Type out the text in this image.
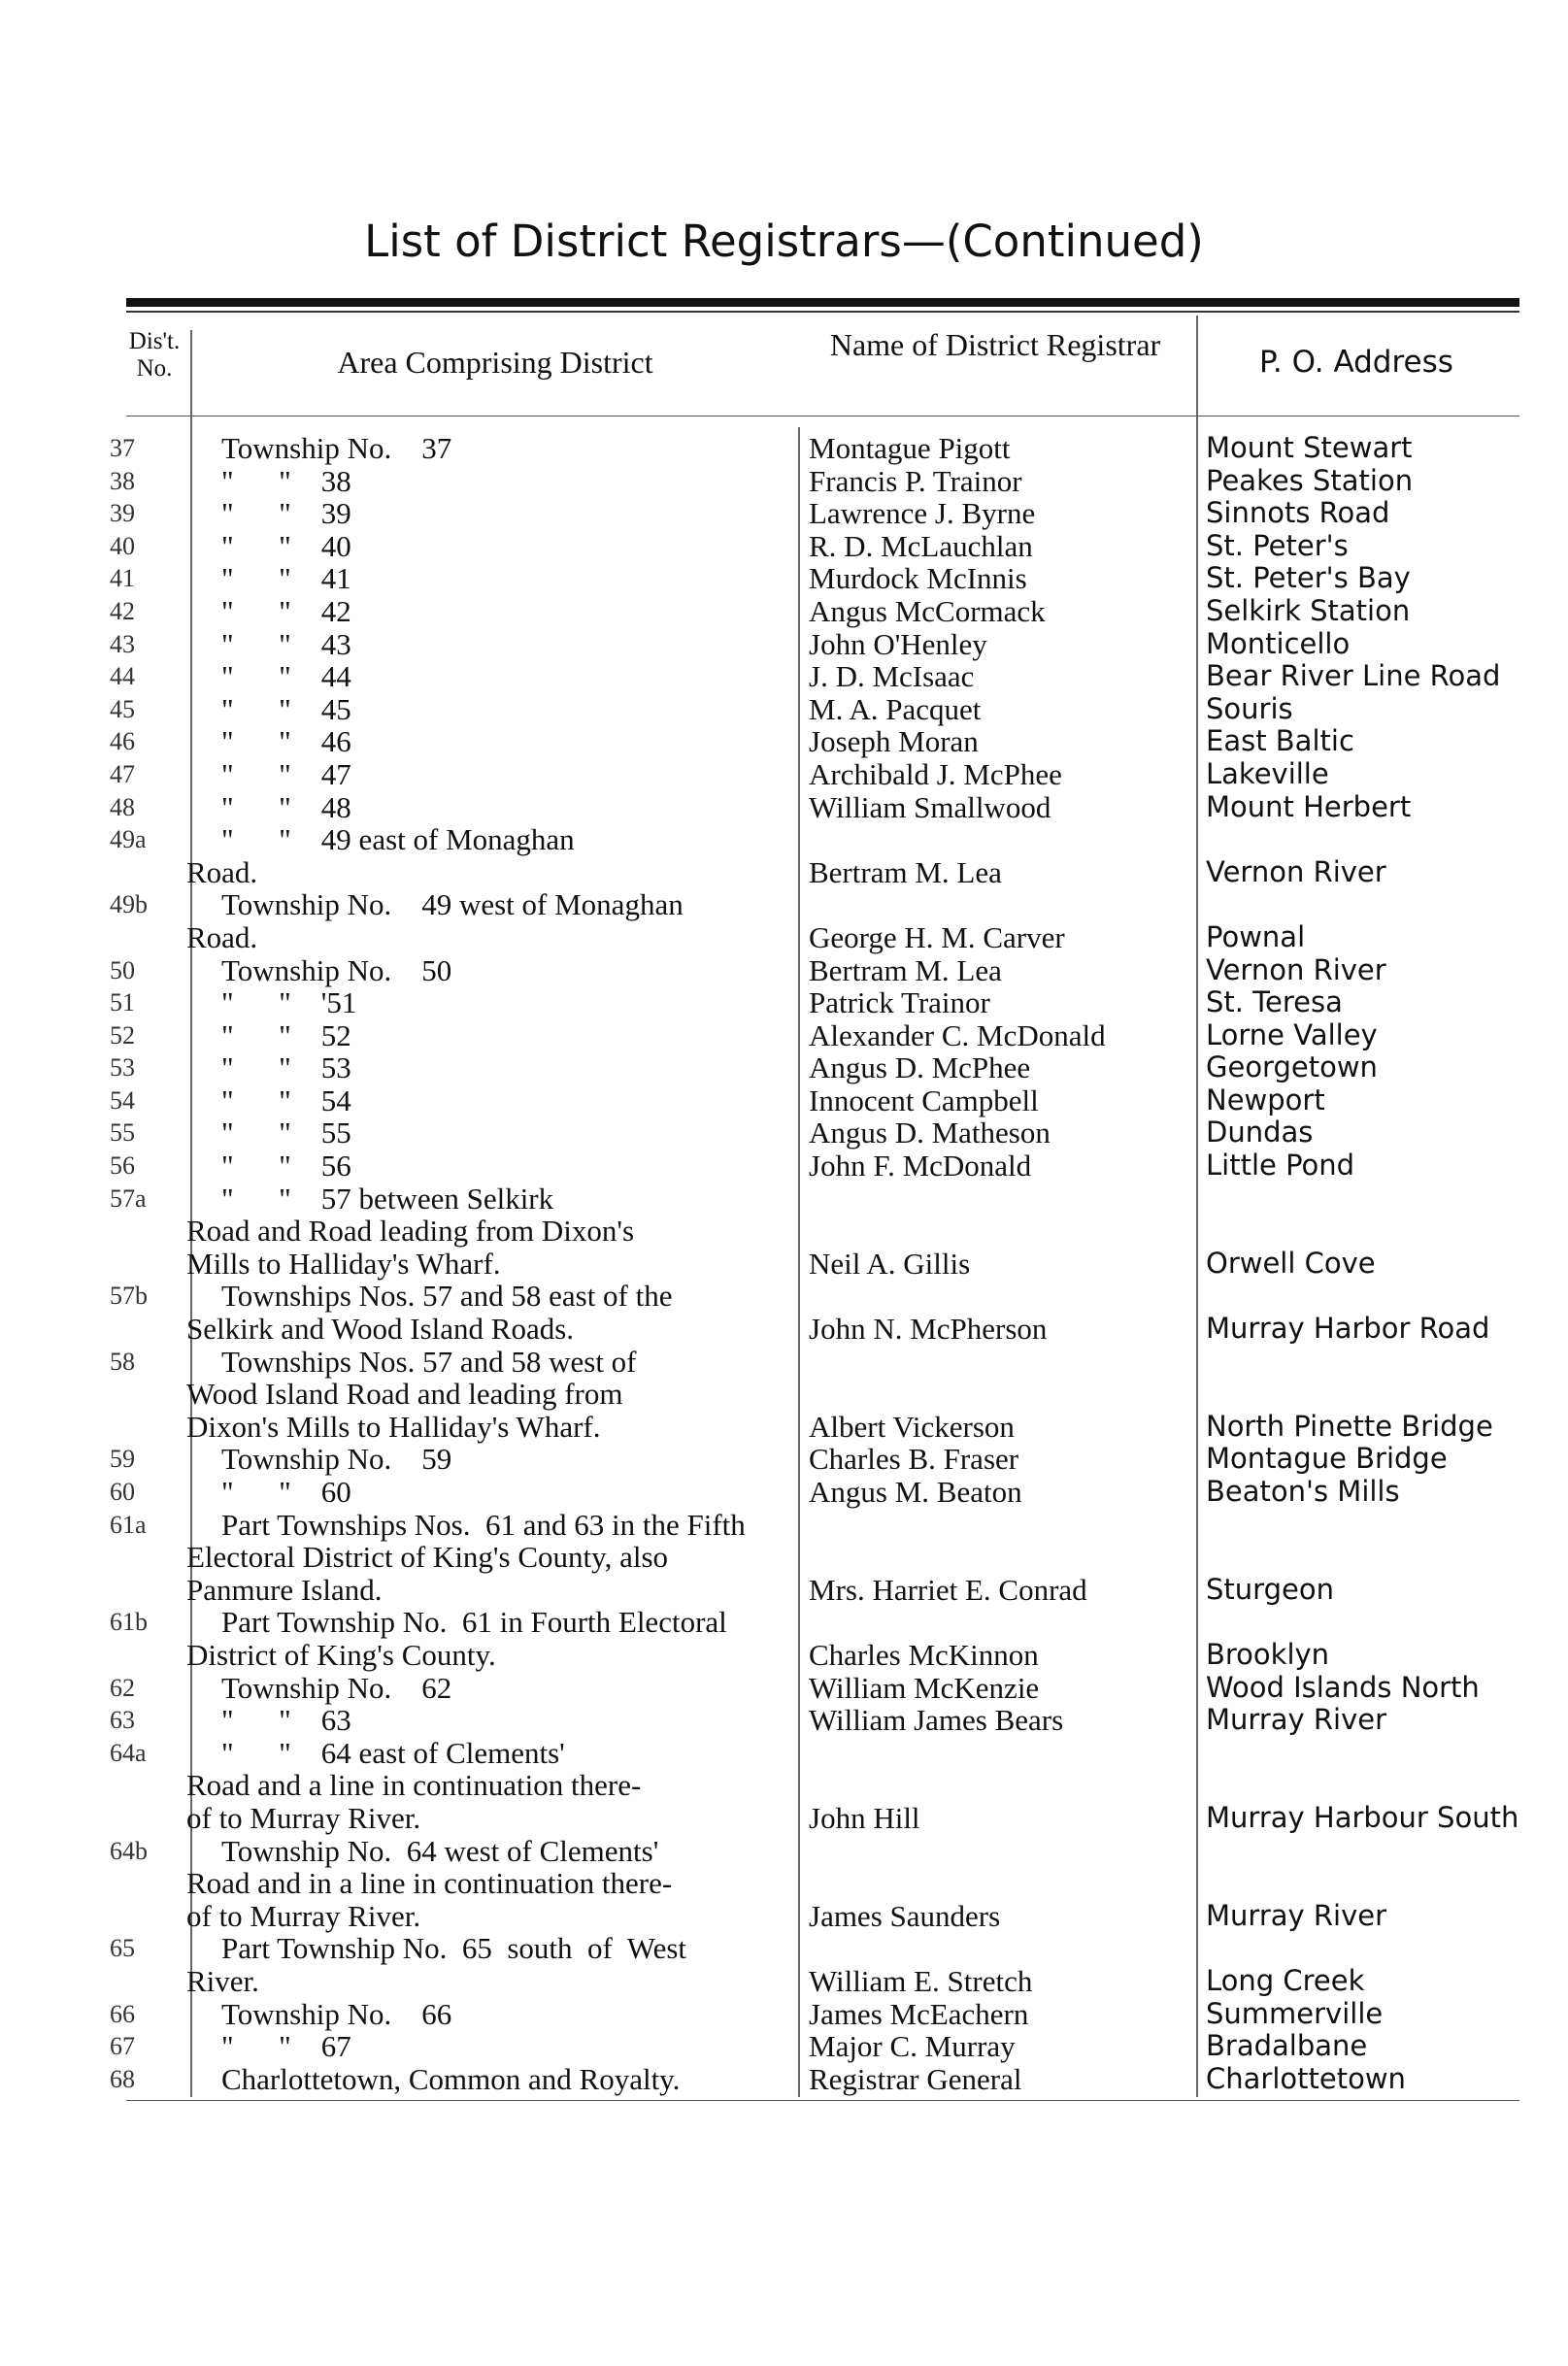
List of District Registrars—(Continued)
Dis't. No.	Area Comprising District	Name of District Registrar	P. O. Address
37	Township No.    37	Montague Pigott	Mount Stewart
38	"      "    38	Francis P. Trainor	Peakes Station
39	"      "    39	Lawrence J. Byrne	Sinnots Road
40	"      "    40	R. D. McLauchlan	St. Peter's
41	"      "    41	Murdock McInnis	St. Peter's Bay
42	"      "    42	Angus McCormack	Selkirk Station
43	"      "    43	John O'Henley	Monticello
44	"      "    44	J. D. McIsaac	Bear River Line Road
45	"      "    45	M. A. Pacquet	Souris
46	"      "    46	Joseph Moran	East Baltic
47	"      "    47	Archibald J. McPhee	Lakeville
48	"      "    48	William Smallwood	Mount Herbert
49a	"      "    49 east of Monaghan
Road.	Bertram M. Lea	Vernon River
49b	Township No.    49 west of Monaghan
Road.	George H. M. Carver	Pownal
50	Township No.    50	Bertram M. Lea	Vernon River
51	"      "    '51	Patrick Trainor	St. Teresa
52	"      "    52	Alexander C. McDonald	Lorne Valley
53	"      "    53	Angus D. McPhee	Georgetown
54	"      "    54	Innocent Campbell	Newport
55	"      "    55	Angus D. Matheson	Dundas
56	"      "    56	John F. McDonald	Little Pond
57a	"      "    57 between Selkirk
Road and Road leading from Dixon's
Mills to Halliday's Wharf.	Neil A. Gillis	Orwell Cove
57b	Townships Nos. 57 and 58 east of the
Selkirk and Wood Island Roads.	John N. McPherson	Murray Harbor Road
58	Townships Nos. 57 and 58 west of
Wood Island Road and leading from
Dixon's Mills to Halliday's Wharf.	Albert Vickerson	North Pinette Bridge
59	Township No.    59	Charles B. Fraser	Montague Bridge
60	"      "    60	Angus M. Beaton	Beaton's Mills
61a	Part Townships Nos.  61 and 63 in the Fifth
Electoral District of King's County, also
Panmure Island.	Mrs. Harriet E. Conrad	Sturgeon
61b	Part Township No.  61 in Fourth Electoral
District of King's County.	Charles McKinnon	Brooklyn
62	Township No.    62	William McKenzie	Wood Islands North
63	"      "    63	William James Bears	Murray River
64a	"      "    64 east of Clements'
Road and a line in continuation there-
of to Murray River.	John Hill	Murray Harbour South
64b	Township No.  64 west of Clements'
Road and in a line in continuation there-
of to Murray River.	James Saunders	Murray River
65	Part Township No.  65  south  of  West
River.	William E. Stretch	Long Creek
66	Township No.    66	James McEachern	Summerville
67	"      "    67	Major C. Murray	Bradalbane
68	Charlottetown, Common and Royalty.	Registrar General	Charlottetown
